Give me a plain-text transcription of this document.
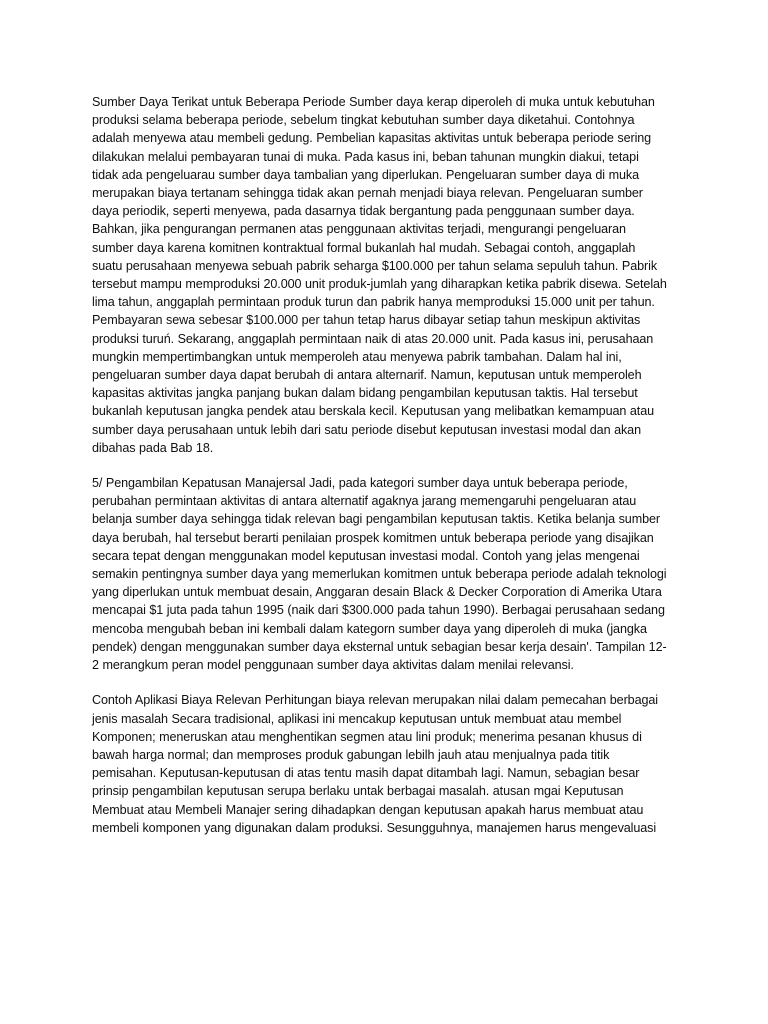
Sumber Daya Terikat untuk Beberapa Periode Sumber daya kerap diperoleh di muka untuk kebutuhan produksi selama beberapa periode, sebelum tingkat kebutuhan sumber daya diketahui. Contohnya adalah menyewa atau membeli gedung. Pembelian kapasitas aktivitas untuk beberapa periode sering dilakukan melalui pembayaran tunai di muka. Pada kasus ini, beban tahunan mungkin diakui, tetapi tidak ada pengeluarau sumber daya tambalian yang diperlukan. Pengeluaran sumber daya di muka merupakan biaya tertanam sehingga tidak akan pernah menjadi biaya relevan. Pengeluaran sumber daya periodik, seperti menyewa, pada dasarnya tidak bergantung pada penggunaan sumber daya. Bahkan, jika pengurangan permanen atas penggunaan aktivitas terjadi, mengurangi pengeluaran sumber daya karena komitnen kontraktual formal bukanlah hal mudah. Sebagai contoh, anggaplah suatu perusahaan menyewa sebuah pabrik seharga $100.000 per tahun selama sepuluh tahun. Pabrik tersebut mampu memproduksi 20.000 unit produk-jumlah yang diharapkan ketika pabrik disewa. Setelah lima tahun, anggaplah permintaan produk turun dan pabrik hanya memproduksi 15.000 unit per tahun. Pembayaran sewa sebesar $100.000 per tahun tetap harus dibayar setiap tahun meskipun aktivitas produksi turuń. Sekarang, anggaplah permintaan naik di atas 20.000 unit. Pada kasus ini, perusahaan mungkin mempertimbangkan untuk memperoleh atau menyewa pabrik tambahan. Dalam hal ini, pengeluaran sumber daya dapat berubah di antara alternarif. Namun, keputusan untuk memperoleh kapasitas aktivitas jangka panjang bukan dalam bidang pengambilan keputusan taktis. Hal tersebut bukanlah keputusan jangka pendek atau berskala kecil. Keputusan yang melibatkan kemampuan atau sumber daya perusahaan untuk lebih dari satu periode disebut keputusan investasi modal dan akan dibahas pada Bab 18.

5/ Pengambilan Kepatusan Manajersal Jadi, pada kategori sumber daya untuk beberapa periode, perubahan permintaan aktivitas di antara alternatif agaknya jarang memengaruhi pengeluaran atau belanja sumber daya sehingga tidak relevan bagi pengambilan keputusan taktis. Ketika belanja sumber daya berubah, hal tersebut berarti penilaian prospek komitmen untuk beberapa periode yang disajikan secara tepat dengan menggunakan model keputusan investasi modal. Contoh yang jelas mengenai semakin pentingnya sumber daya yang memerlukan komitmen untuk beberapa periode adalah teknologi yang diperlukan untuk membuat desain, Anggaran desain Black & Decker Corporation di Amerika Utara mencapai $1 juta pada tahun 1995 (naik dari $300.000 pada tahun 1990). Berbagai perusahaan sedang mencoba mengubah beban ini kembali dalam kategorn sumber daya yang diperoleh di muka (jangka pendek) dengan menggunakan sumber daya eksternal untuk sebagian besar kerja desain'. Tampilan 12-2 merangkum peran model penggunaan sumber daya aktivitas dalam menilai relevansi.

Contoh Aplikasi Biaya Relevan Perhitungan biaya relevan merupakan nilai dalam pemecahan berbagai jenis masalah Secara tradisional, aplikasi ini mencakup keputusan untuk membuat atau membel Komponen; meneruskan atau menghentikan segmen atau lini produk; menerima pesanan khusus di bawah harga normal; dan memproses produk gabungan lebilh jauh atau menjualnya pada titik pemisahan. Keputusan-keputusan di atas tentu masih dapat ditambah lagi. Namun, sebagian besar prinsip pengambilan keputusan serupa berlaku untak berbagai masalah. atusan mgai Keputusan Membuat atau Membeli Manajer sering dihadapkan dengan keputusan apakah harus membuat atau membeli komponen yang digunakan dalam produksi. Sesungguhnya, manajemen harus mengevaluasi
